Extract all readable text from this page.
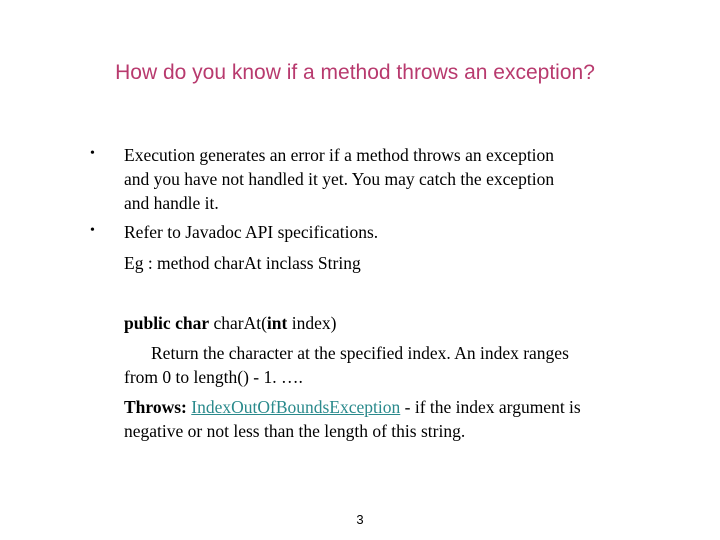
How do you know if a method throws an exception?
• Execution generates an error if a method throws an exception
and you have not handled it yet. You may catch the exception
and handle it.
• Refer to Javadoc API specifications.
Eg : method charAt inclass String
public char charAt(int index)
Return the character at the specified index. An index ranges
from 0 to length() - 1. ….
Throws: IndexOutOfBoundsException - if the index argument is
negative or not less than the length of this string.
3
